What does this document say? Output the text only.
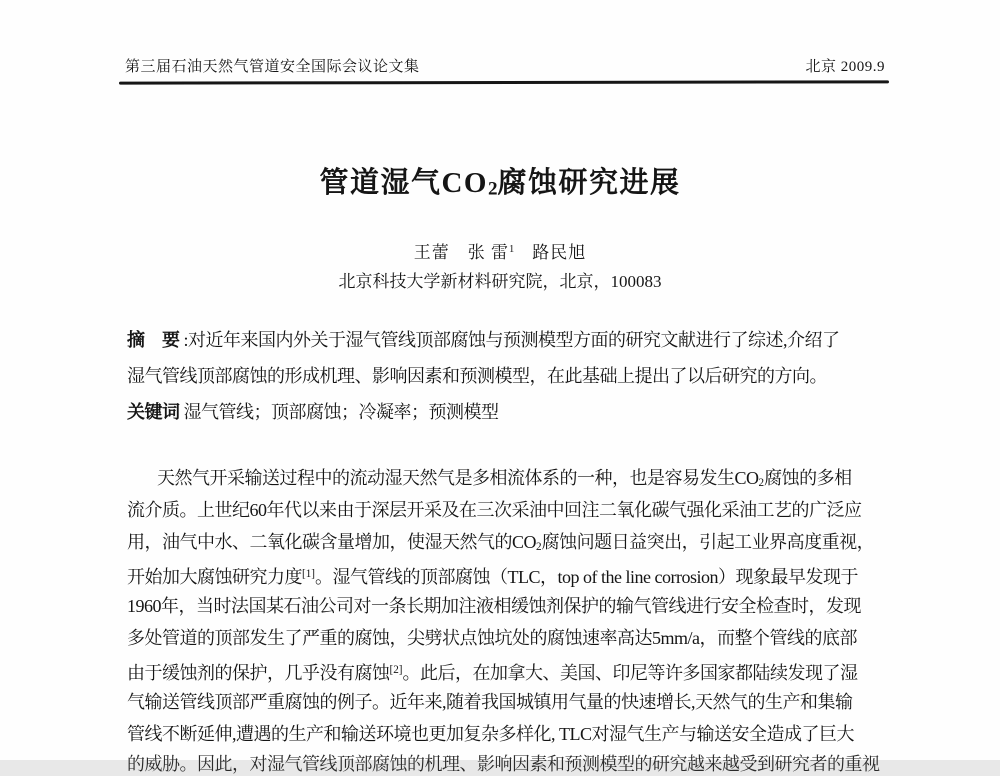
第三届石油天然气管道安全国际会议论文集	北京 2009.9
管道湿气$CO_2$腐蚀研究进展
王蕾　张 雷$^1$　路民旭
北京科技大学新材料研究院，北京，100083
摘　要 :对近年来国内外关于湿气管线顶部腐蚀与预测模型方面的研究文献进行了综述,介绍了
湿气管线顶部腐蚀的形成机理、影响因素和预测模型，在此基础上提出了以后研究的方向。
关键词 湿气管线；顶部腐蚀；冷凝率；预测模型
天然气开采输送过程中的流动湿天然气是多相流体系的一种，也是容易发生$CO_2$腐蚀的多相
流介质。上世纪60年代以来由于深层开采及在三次采油中回注二氧化碳气强化采油工艺的广泛应
用，油气中水、二氧化碳含量增加，使湿天然气的$CO_2$腐蚀问题日益突出，引起工业界高度重视，
开始加大腐蚀研究力度[1]。湿气管线的顶部腐蚀（TLC，top of the line corrosion）现象最早发现于
1960年，当时法国某石油公司对一条长期加注液相缓蚀剂保护的输气管线进行安全检查时，发现
多处管道的顶部发生了严重的腐蚀，尖劈状点蚀坑处的腐蚀速率高达5mm/a，而整个管线的底部
由于缓蚀剂的保护，几乎没有腐蚀[2]。此后，在加拿大、美国、印尼等许多国家都陆续发现了湿
气输送管线顶部严重腐蚀的例子。近年来,随着我国城镇用气量的快速增长,天然气的生产和集输
管线不断延伸,遭遇的生产和输送环境也更加复杂多样化, TLC对湿气生产与输送安全造成了巨大
的威胁。因此，对湿气管线顶部腐蚀的机理、影响因素和预测模型的研究越来越受到研究者的重视
